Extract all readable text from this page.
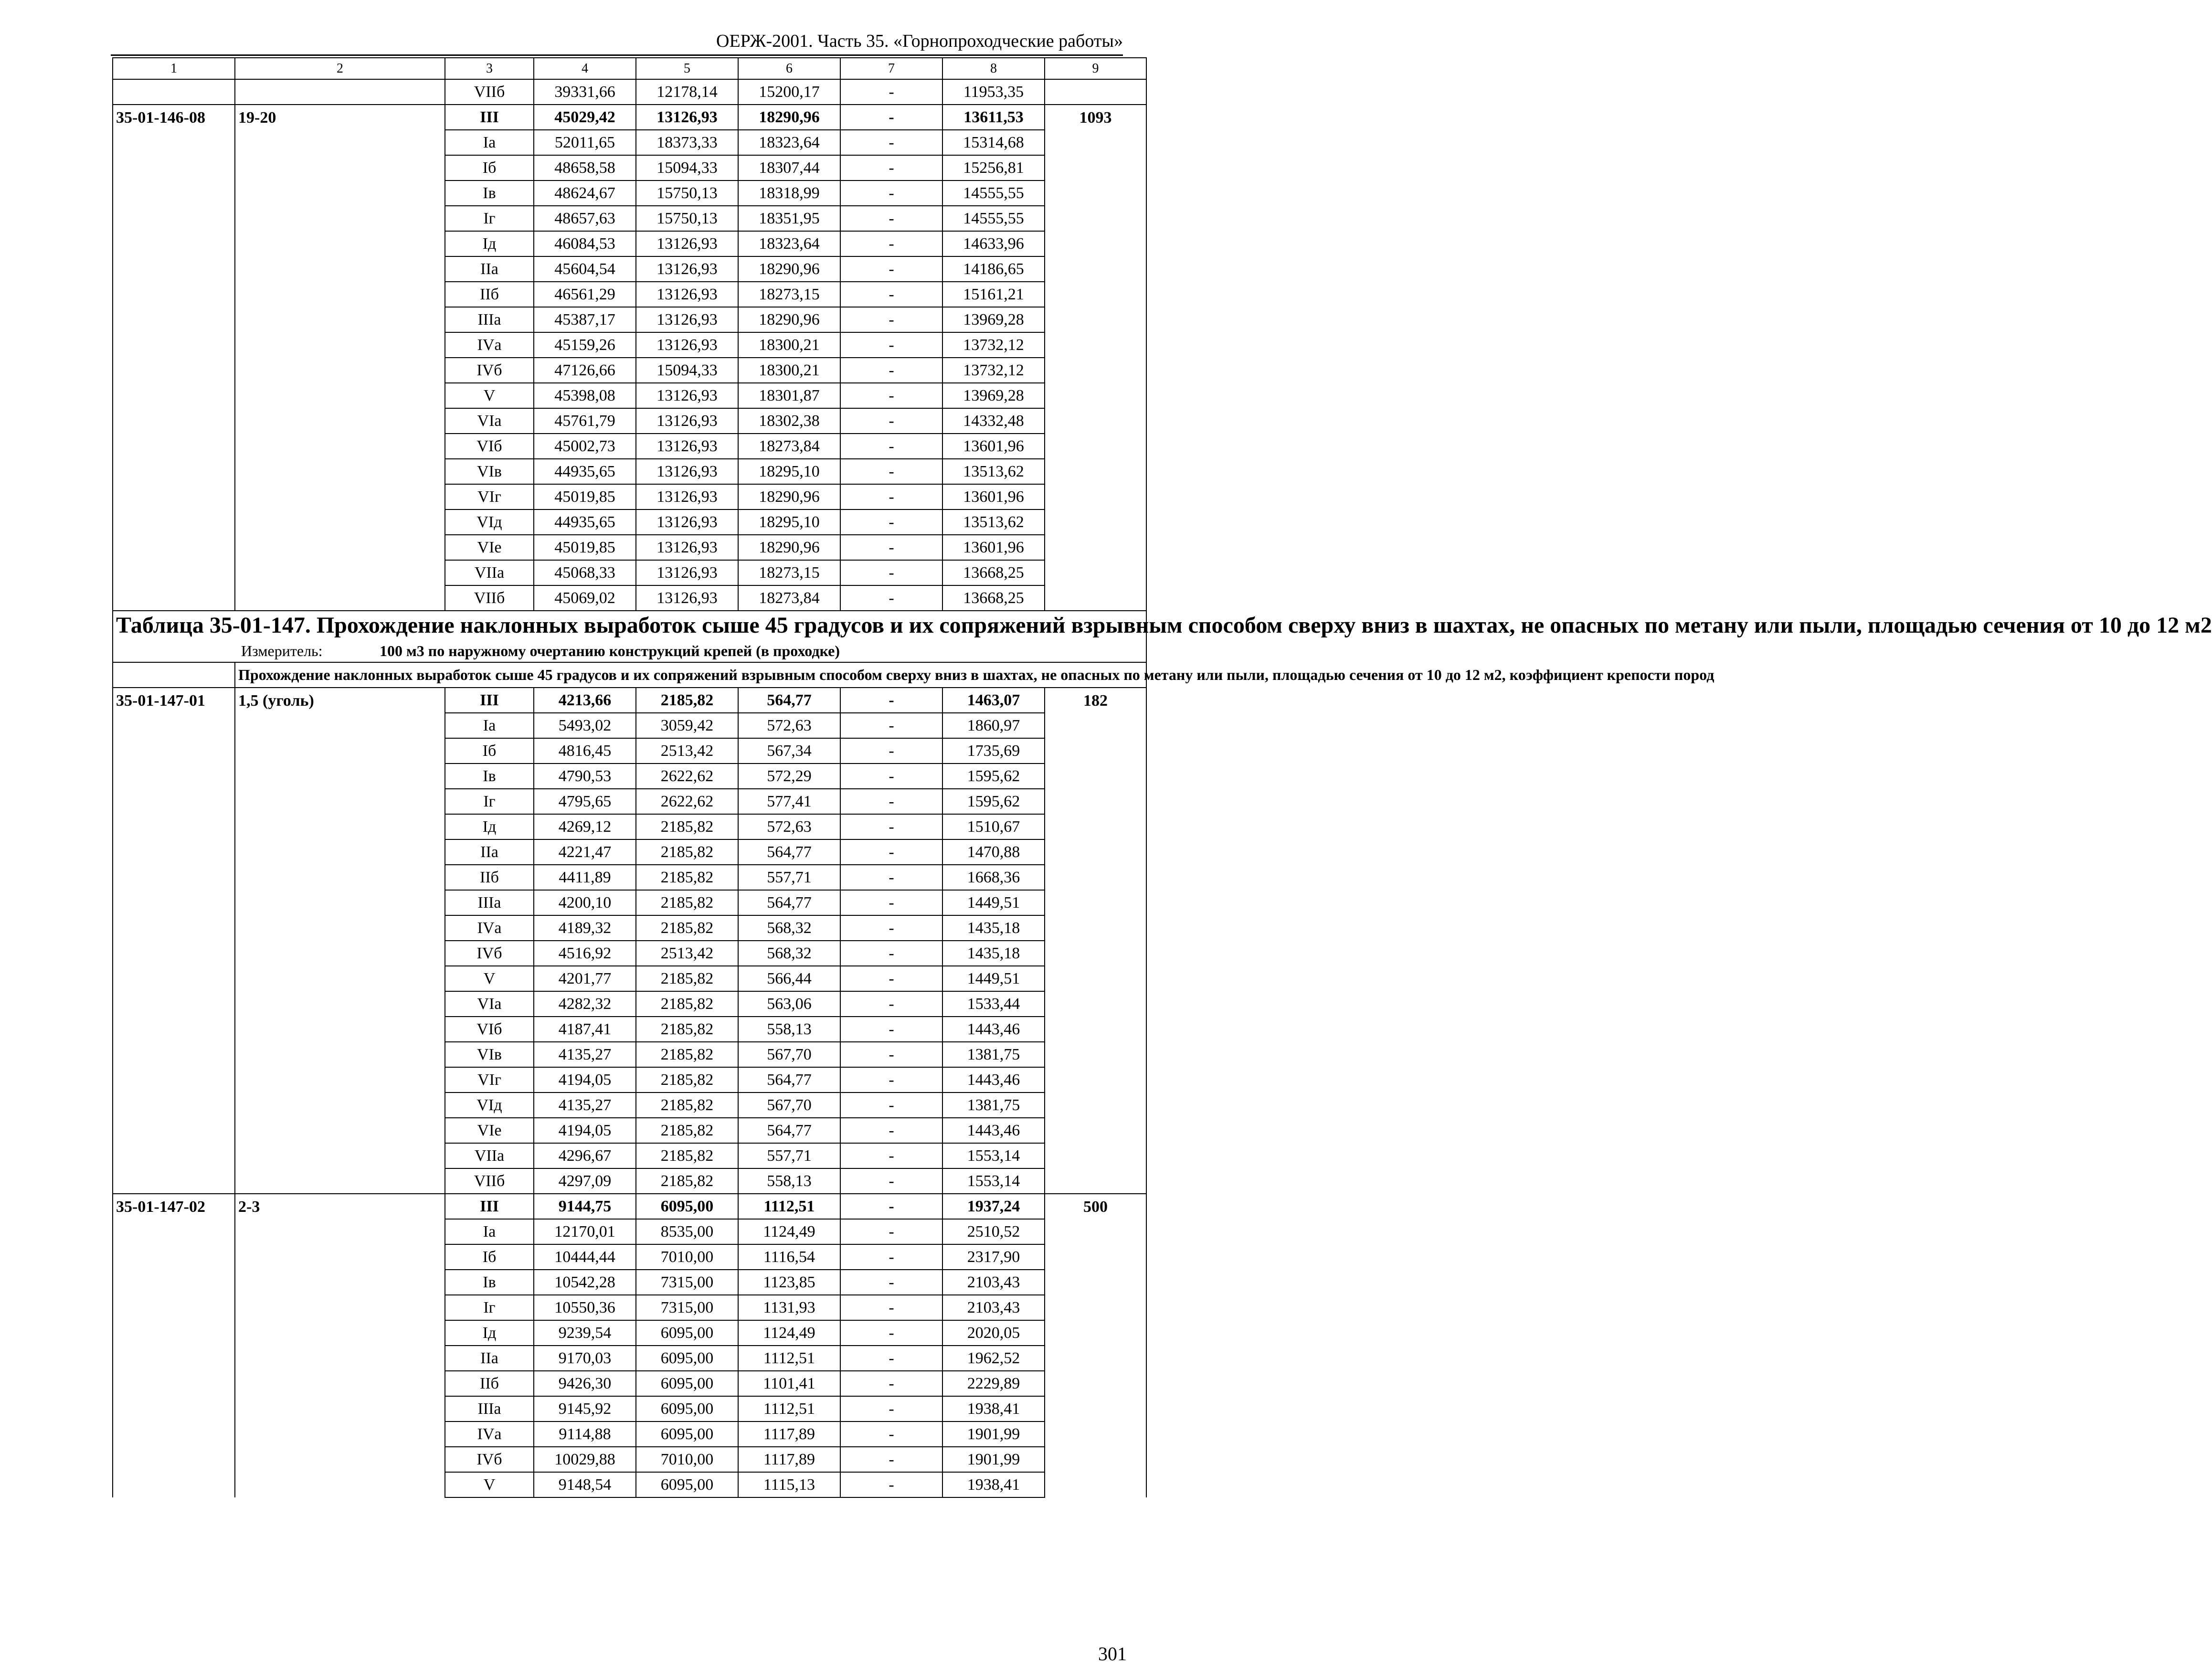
ОЕРЖ-2001. Часть 35. «Горнопроходческие работы»
1	2	3	4	5	6	7	8	9
		VIIб	39331,66	12178,14	15200,17	-	11953,35	
35-01-146-08	19-20	III	45029,42	13126,93	18290,96	-	13611,53	1093
		Iа	52011,65	18373,33	18323,64	-	15314,68	
		Iб	48658,58	15094,33	18307,44	-	15256,81	
		Iв	48624,67	15750,13	18318,99	-	14555,55	
		Iг	48657,63	15750,13	18351,95	-	14555,55	
		Iд	46084,53	13126,93	18323,64	-	14633,96	
		IIа	45604,54	13126,93	18290,96	-	14186,65	
		IIб	46561,29	13126,93	18273,15	-	15161,21	
		IIIа	45387,17	13126,93	18290,96	-	13969,28	
		IVа	45159,26	13126,93	18300,21	-	13732,12	
		IVб	47126,66	15094,33	18300,21	-	13732,12	
		V	45398,08	13126,93	18301,87	-	13969,28	
		VIа	45761,79	13126,93	18302,38	-	14332,48	
		VIб	45002,73	13126,93	18273,84	-	13601,96	
		VIв	44935,65	13126,93	18295,10	-	13513,62	
		VIг	45019,85	13126,93	18290,96	-	13601,96	
		VIд	44935,65	13126,93	18295,10	-	13513,62	
		VIе	45019,85	13126,93	18290,96	-	13601,96	
		VIIа	45068,33	13126,93	18273,15	-	13668,25	
		VIIб	45069,02	13126,93	18273,84	-	13668,25	

Таблица 35-01-147. Прохождение наклонных выработок сыше 45 градусов и их сопряжений взрывным способом сверху вниз в шахтах, не опасных по метану или пыли, площадью сечения от 10 до 12 м2
Измеритель: 100 м3 по наружному очертанию конструкций крепей (в проходке)								

	Прохождение наклонных выработок сыше 45 градусов и их сопряжений взрывным способом сверху вниз в шахтах, не опасных по метану или пыли, площадью сечения от 10 до 12 м2, коэффициент крепости пород							
35-01-147-01	1,5 (уголь)	III	4213,66	2185,82	564,77	-	1463,07	182
		Iа	5493,02	3059,42	572,63	-	1860,97	
		Iб	4816,45	2513,42	567,34	-	1735,69	
		Iв	4790,53	2622,62	572,29	-	1595,62	
		Iг	4795,65	2622,62	577,41	-	1595,62	
		Iд	4269,12	2185,82	572,63	-	1510,67	
		IIа	4221,47	2185,82	564,77	-	1470,88	
		IIб	4411,89	2185,82	557,71	-	1668,36	
		IIIа	4200,10	2185,82	564,77	-	1449,51	
		IVа	4189,32	2185,82	568,32	-	1435,18	
		IVб	4516,92	2513,42	568,32	-	1435,18	
		V	4201,77	2185,82	566,44	-	1449,51	
		VIа	4282,32	2185,82	563,06	-	1533,44	
		VIб	4187,41	2185,82	558,13	-	1443,46	
		VIв	4135,27	2185,82	567,70	-	1381,75	
		VIг	4194,05	2185,82	564,77	-	1443,46	
		VIд	4135,27	2185,82	567,70	-	1381,75	
		VIе	4194,05	2185,82	564,77	-	1443,46	
		VIIа	4296,67	2185,82	557,71	-	1553,14	
		VIIб	4297,09	2185,82	558,13	-	1553,14	
35-01-147-02	2-3	III	9144,75	6095,00	1112,51	-	1937,24	500
		Iа	12170,01	8535,00	1124,49	-	2510,52	
		Iб	10444,44	7010,00	1116,54	-	2317,90	
		Iв	10542,28	7315,00	1123,85	-	2103,43	
		Iг	10550,36	7315,00	1131,93	-	2103,43	
		Iд	9239,54	6095,00	1124,49	-	2020,05	
		IIа	9170,03	6095,00	1112,51	-	1962,52	
		IIб	9426,30	6095,00	1101,41	-	2229,89	
		IIIа	9145,92	6095,00	1112,51	-	1938,41	
		IVа	9114,88	6095,00	1117,89	-	1901,99	
		IVб	10029,88	7010,00	1117,89	-	1901,99	
		V	9148,54	6095,00	1115,13	-	1938,41	
301
